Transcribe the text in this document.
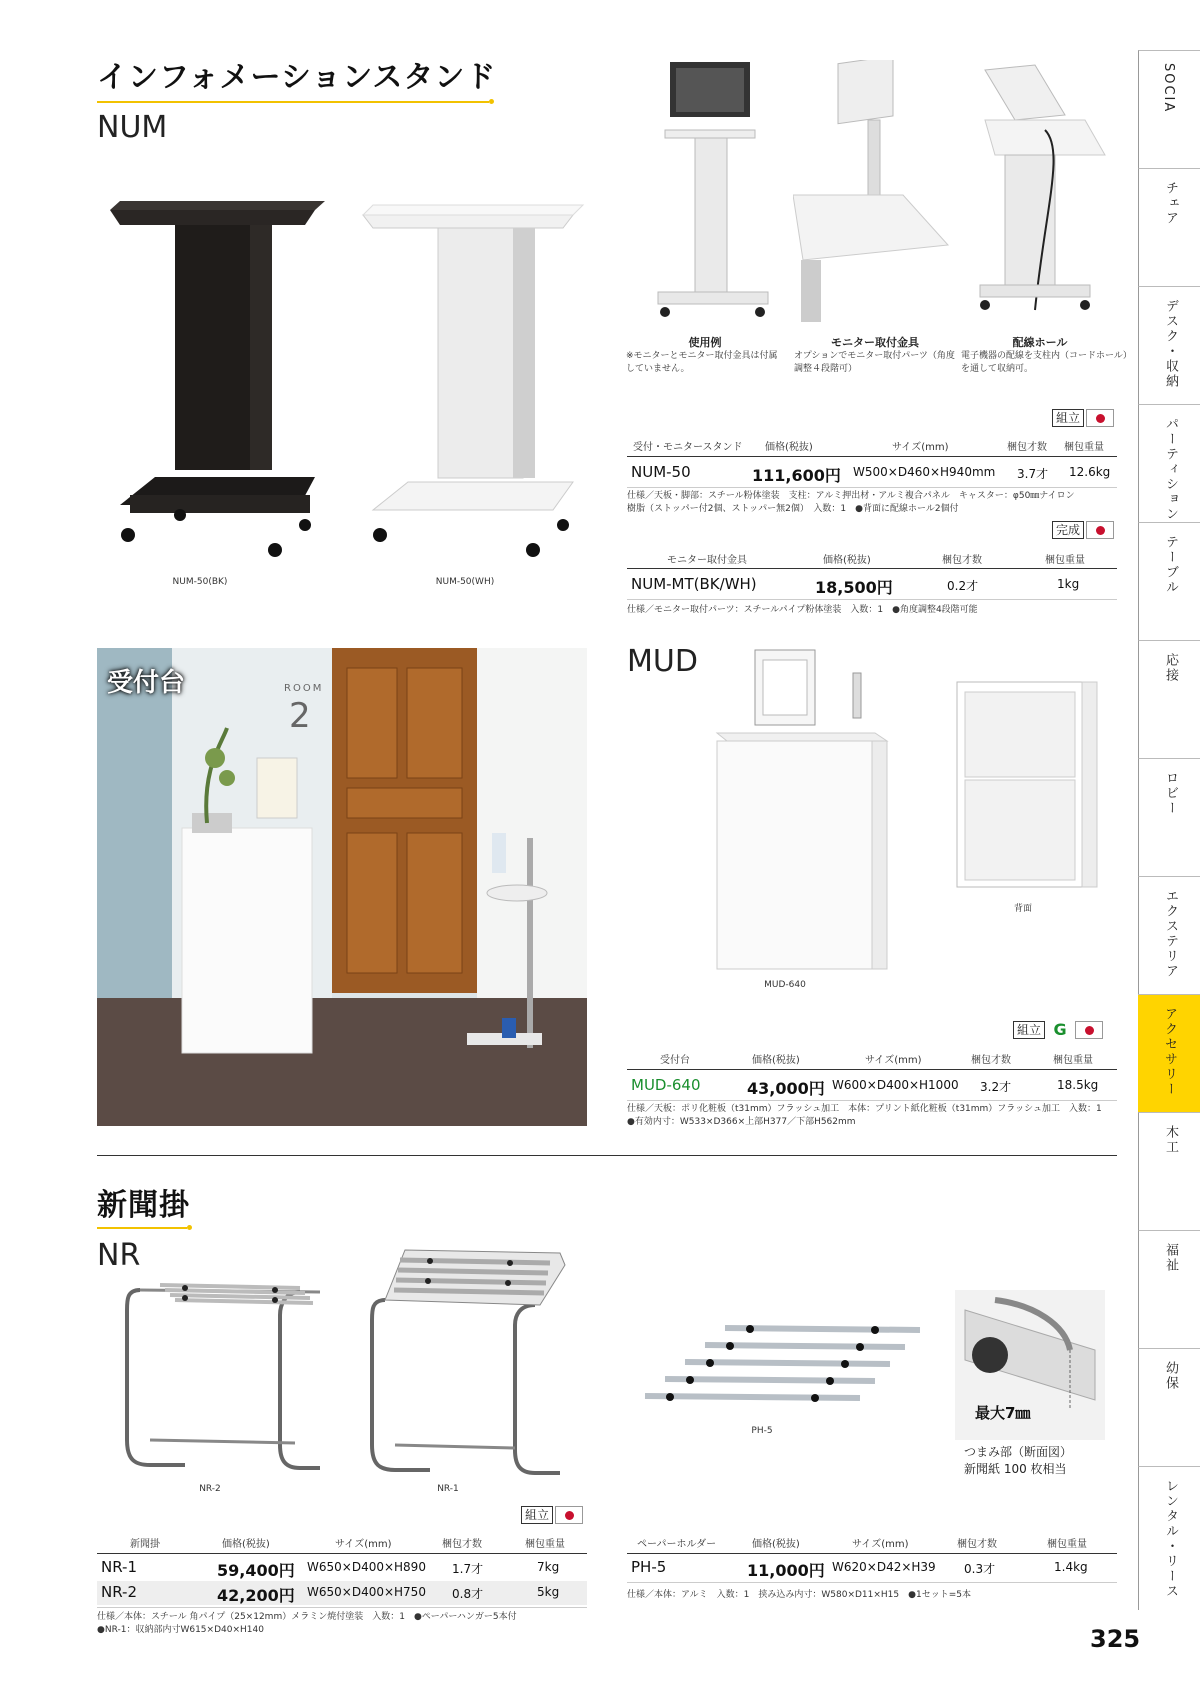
インフォメーションスタンド
NUM
NUM-50(BK)	NUM-50(WH)
使用例
※モニターとモニター取付金具は付属していません。
モニター取付金具
オプションでモニター取付パーツ（角度調整４段階可）
配線ホール
電子機器の配線を支柱内（コードホール）を通して収納可。
組立
受付・モニタースタンド 価格(税抜)	サイズ(mm)	梱包才数 梱包重量
NUM-50	111,600円 W500×D460×H940mm 3.7才 12.6kg
仕様／天板・脚部：スチール粉体塗装　支柱：アルミ押出材・アルミ複合パネル　キャスター：φ50㎜ナイロン
樹脂（ストッパー付2個、ストッパー無2個）　入数：1　●背面に配線ホール2個付
完成
モニター取付金具	価格(税抜)	梱包才数	梱包重量
NUM-MT(BK/WH)	18,500円	0.2才	1kg
仕様／モニター取付パーツ：スチールパイプ粉体塗装　入数：1　●角度調整4段階可能
受付台	ROOM
2
MUD
MUD-640
背面
組立 G
受付台	価格(税抜)	サイズ(mm)	梱包才数	梱包重量
MUD-640	43,000円 W600×D400×H1000 3.2才	18.5kg
仕様／天板：ポリ化粧板（t31mm）フラッシュ加工　本体：プリント紙化粧板（t31mm）フラッシュ加工　入数：1
●有効内寸：W533×D366×上部H377／下部H562mm
新聞掛
NR
NR-2	NR-1
PH-5
最大7㎜
つまみ部（断面図）
新聞紙 100 枚相当
組立
新聞掛	価格(税抜)	サイズ(mm)	梱包才数	梱包重量
NR-1	59,400円 W650×D400×H890 1.7才	7kg
NR-2	42,200円 W650×D400×H750 0.8才	5kg
仕様／本体：スチール 角パイプ（25×12mm）メラミン焼付塗装　入数：1　●ペーパーハンガー5本付
●NR-1：収納部内寸W615×D40×H140
ペーパーホルダー	価格(税抜)	サイズ(mm)	梱包才数	梱包重量
PH-5	11,000円 W620×D42×H39 0.3才	1.4kg
仕様／本体：アルミ　入数：1　挟み込み内寸：W580×D11×H15　●1セット=5本
SOCIA
チェア
デスク・収納
パーティション
テーブル
応接
ロビー
エクステリア
アクセサリー
木工
福祉
幼保
レンタル・リース
325
